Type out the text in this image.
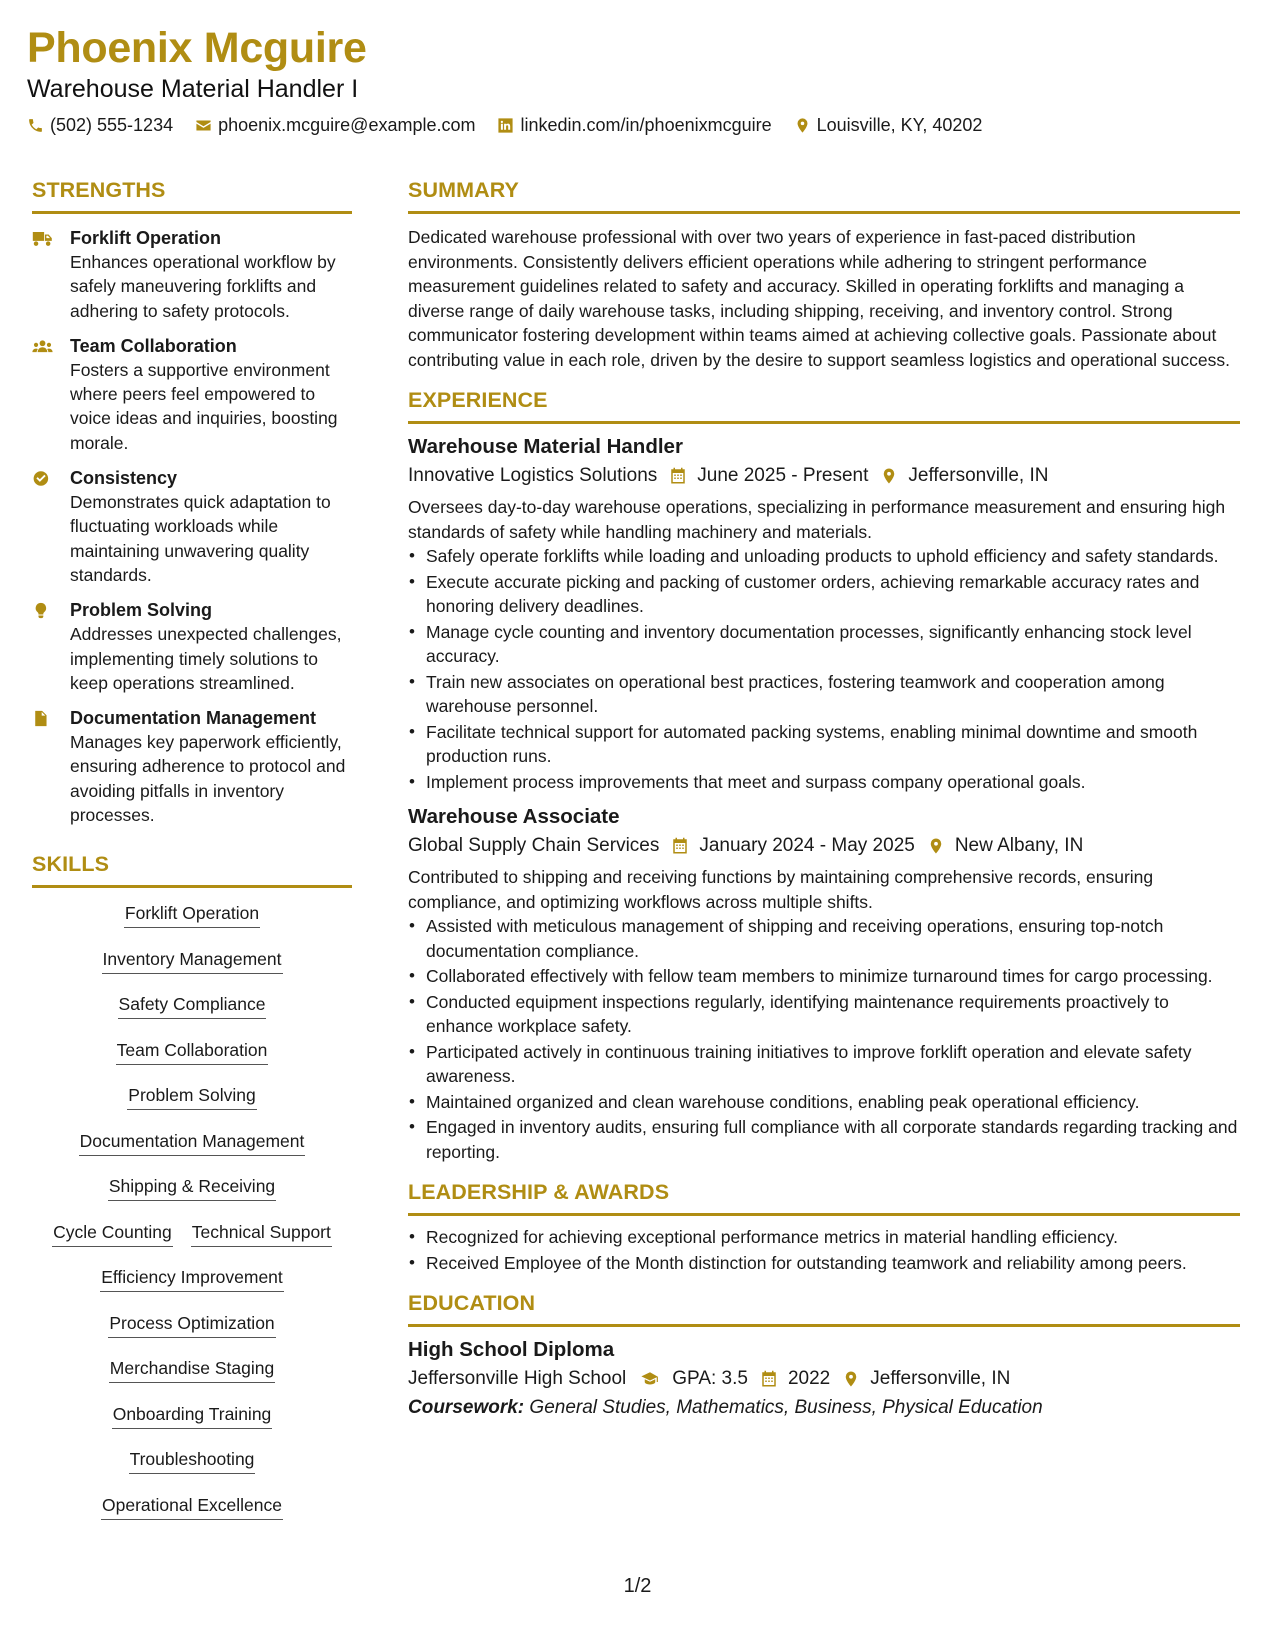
Phoenix Mcguire
Warehouse Material Handler I
(502) 555-1234	phoenix.mcguire@example.com	linkedin.com/in/phoenixmcguire	Louisville, KY, 40202
STRENGTHS
Forklift Operation
Enhances operational workflow by safely maneuvering forklifts and adhering to safety protocols.
Team Collaboration
Fosters a supportive environment where peers feel empowered to voice ideas and inquiries, boosting morale.
Consistency
Demonstrates quick adaptation to fluctuating workloads while maintaining unwavering quality standards.
Problem Solving
Addresses unexpected challenges, implementing timely solutions to keep operations streamlined.
Documentation Management
Manages key paperwork efficiently, ensuring adherence to protocol and avoiding pitfalls in inventory processes.
SKILLS
Forklift Operation
Inventory Management
Safety Compliance
Team Collaboration
Problem Solving
Documentation Management
Shipping & Receiving
Cycle Counting Technical Support
Efficiency Improvement
Process Optimization
Merchandise Staging
Onboarding Training
Troubleshooting
Operational Excellence
SUMMARY
Dedicated warehouse professional with over two years of experience in fast-paced distribution environments. Consistently delivers efficient operations while adhering to stringent performance measurement guidelines related to safety and accuracy. Skilled in operating forklifts and managing a diverse range of daily warehouse tasks, including shipping, receiving, and inventory control. Strong communicator fostering development within teams aimed at achieving collective goals. Passionate about contributing value in each role, driven by the desire to support seamless logistics and operational success.
EXPERIENCE
Warehouse Material Handler
Innovative Logistics Solutions June 2025 - Present Jeffersonville, IN
Oversees day-to-day warehouse operations, specializing in performance measurement and ensuring high standards of safety while handling machinery and materials.
• Safely operate forklifts while loading and unloading products to uphold efficiency and safety standards.
• Execute accurate picking and packing of customer orders, achieving remarkable accuracy rates and honoring delivery deadlines.
• Manage cycle counting and inventory documentation processes, significantly enhancing stock level accuracy.
• Train new associates on operational best practices, fostering teamwork and cooperation among warehouse personnel.
• Facilitate technical support for automated packing systems, enabling minimal downtime and smooth production runs.
• Implement process improvements that meet and surpass company operational goals.
Warehouse Associate
Global Supply Chain Services January 2024 - May 2025 New Albany, IN
Contributed to shipping and receiving functions by maintaining comprehensive records, ensuring compliance, and optimizing workflows across multiple shifts.
• Assisted with meticulous management of shipping and receiving operations, ensuring top-notch documentation compliance.
• Collaborated effectively with fellow team members to minimize turnaround times for cargo processing.
• Conducted equipment inspections regularly, identifying maintenance requirements proactively to enhance workplace safety.
• Participated actively in continuous training initiatives to improve forklift operation and elevate safety awareness.
• Maintained organized and clean warehouse conditions, enabling peak operational efficiency.
• Engaged in inventory audits, ensuring full compliance with all corporate standards regarding tracking and reporting.
LEADERSHIP & AWARDS
• Recognized for achieving exceptional performance metrics in material handling efficiency.
• Received Employee of the Month distinction for outstanding teamwork and reliability among peers.
EDUCATION
High School Diploma
Jeffersonville High School GPA: 3.5 2022 Jeffersonville, IN
Coursework: General Studies, Mathematics, Business, Physical Education
1/2
